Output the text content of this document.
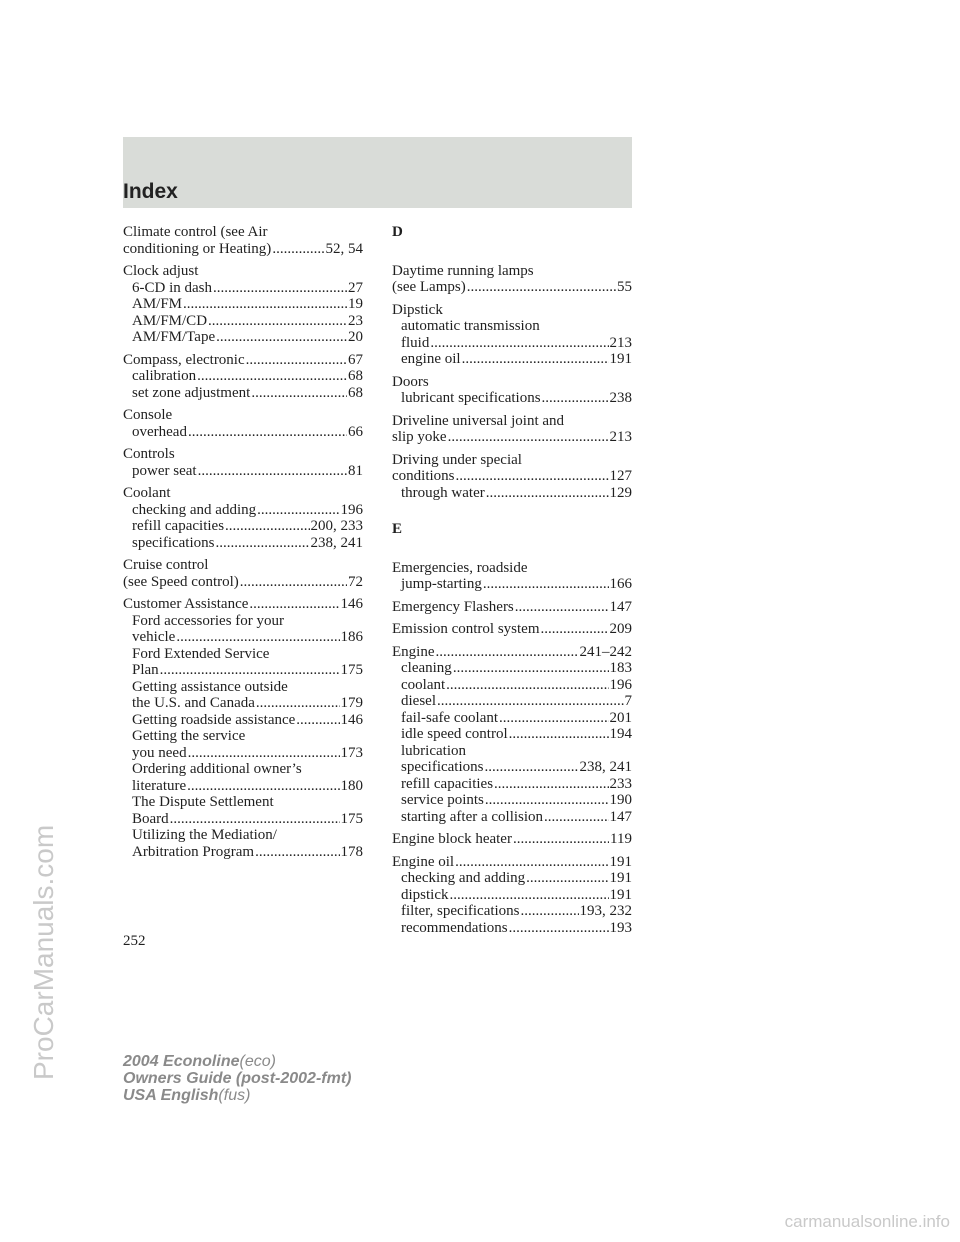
Index
Climate control (see Air
conditioning or Heating) .....	52, 54
Clock adjust
6-CD in dash .....	27
AM/FM .....	19
AM/FM/CD .....	23
AM/FM/Tape .....	20
Compass, electronic .....	67
calibration .....	68
set zone adjustment .....	68
Console
overhead .....	66
Controls
power seat .....	81
Coolant
checking and adding .....	196
refill capacities .....	200, 233
specifications .....	238, 241
Cruise control
(see Speed control) .....	72
Customer Assistance .....	146
Ford accessories for your
vehicle .....	186
Ford Extended Service
Plan .....	175
Getting assistance outside
the U.S. and Canada .....	179
Getting roadside assistance .....	146
Getting the service
you need .....	173
Ordering additional owner’s
literature .....	180
The Dispute Settlement
Board .....	175
Utilizing the Mediation/
Arbitration Program .....	178
D
Daytime running lamps
(see Lamps) .....	55
Dipstick
automatic transmission
fluid .....	213
engine oil .....	191
Doors
lubricant specifications .....	238
Driveline universal joint and
slip yoke .....	213
Driving under special
conditions .....	127
through water .....	129
E
Emergencies, roadside
jump-starting .....	166
Emergency Flashers .....	147
Emission control system .....	209
Engine .....	241–242
cleaning .....	183
coolant .....	196
diesel .....	7
fail-safe coolant .....	201
idle speed control .....	194
lubrication
specifications .....	238, 241
refill capacities .....	233
service points .....	190
starting after a collision .....	147
Engine block heater .....	119
Engine oil .....	191
checking and adding .....	191
dipstick .....	191
filter, specifications .....	193, 232
recommendations .....	193
252
2004 Econoline(eco)
Owners Guide (post-2002-fmt)
USA English(fus)
ProCarManuals.com
carmanualsonline.info
